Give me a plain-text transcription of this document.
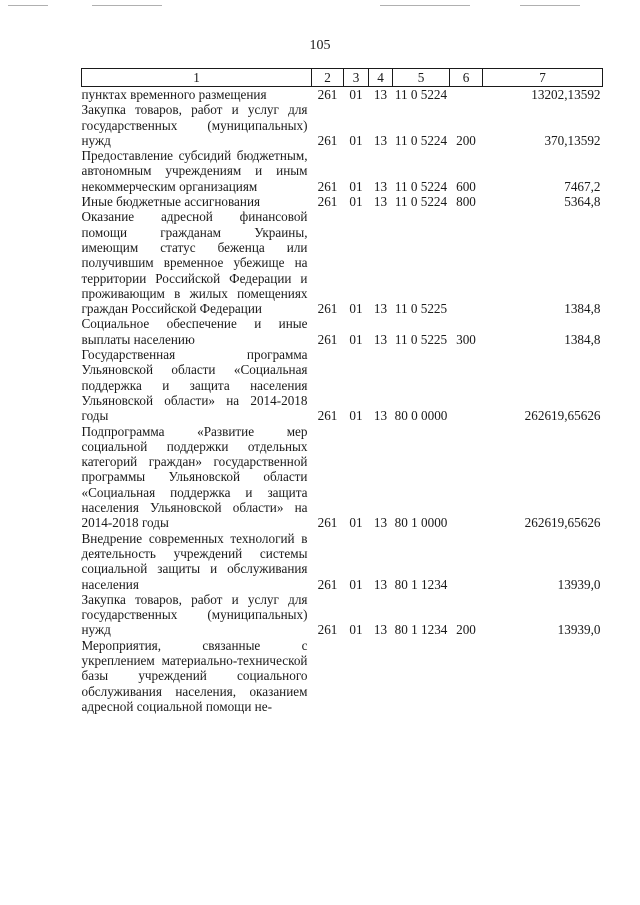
105
1	2	3	4	5	6	7
пунктах временного размещения	261	01	13	11 0 5224		13202,13592
Закупка товаров, работ и услуг для государственных (муниципальных) нужд	261	01	13	11 0 5224	200	370,13592
Предоставление субсидий бюджетным, автономным учреждениям и иным некоммерческим организациям	261	01	13	11 0 5224	600	7467,2
Иные бюджетные ассигнования	261	01	13	11 0 5224	800	5364,8
Оказание адресной финансовой помощи гражданам Украины, имеющим статус беженца или получившим временное убежище на территории Российской Федерации и проживающим в жилых помещениях граждан Российской Федерации	261	01	13	11 0 5225		1384,8
Социальное обеспечение и иные выплаты населению	261	01	13	11 0 5225	300	1384,8
Государственная программа Ульяновской области «Социальная поддержка и защита населения Ульяновской области» на 2014-2018 годы	261	01	13	80 0 0000		262619,65626
Подпрограмма «Развитие мер социальной поддержки отдельных категорий граждан» государственной программы Ульяновской области «Социальная поддержка и защита населения Ульяновской области» на 2014-2018 годы	261	01	13	80 1 0000		262619,65626
Внедрение современных технологий в деятельность учреждений системы социальной защиты и обслуживания населения	261	01	13	80 1 1234		13939,0
Закупка товаров, работ и услуг для государственных (муниципальных) нужд	261	01	13	80 1 1234	200	13939,0
Мероприятия, связанные с укреплением материально-технической базы учреждений социального обслуживания населения, оказанием адресной социальной помощи не-						
